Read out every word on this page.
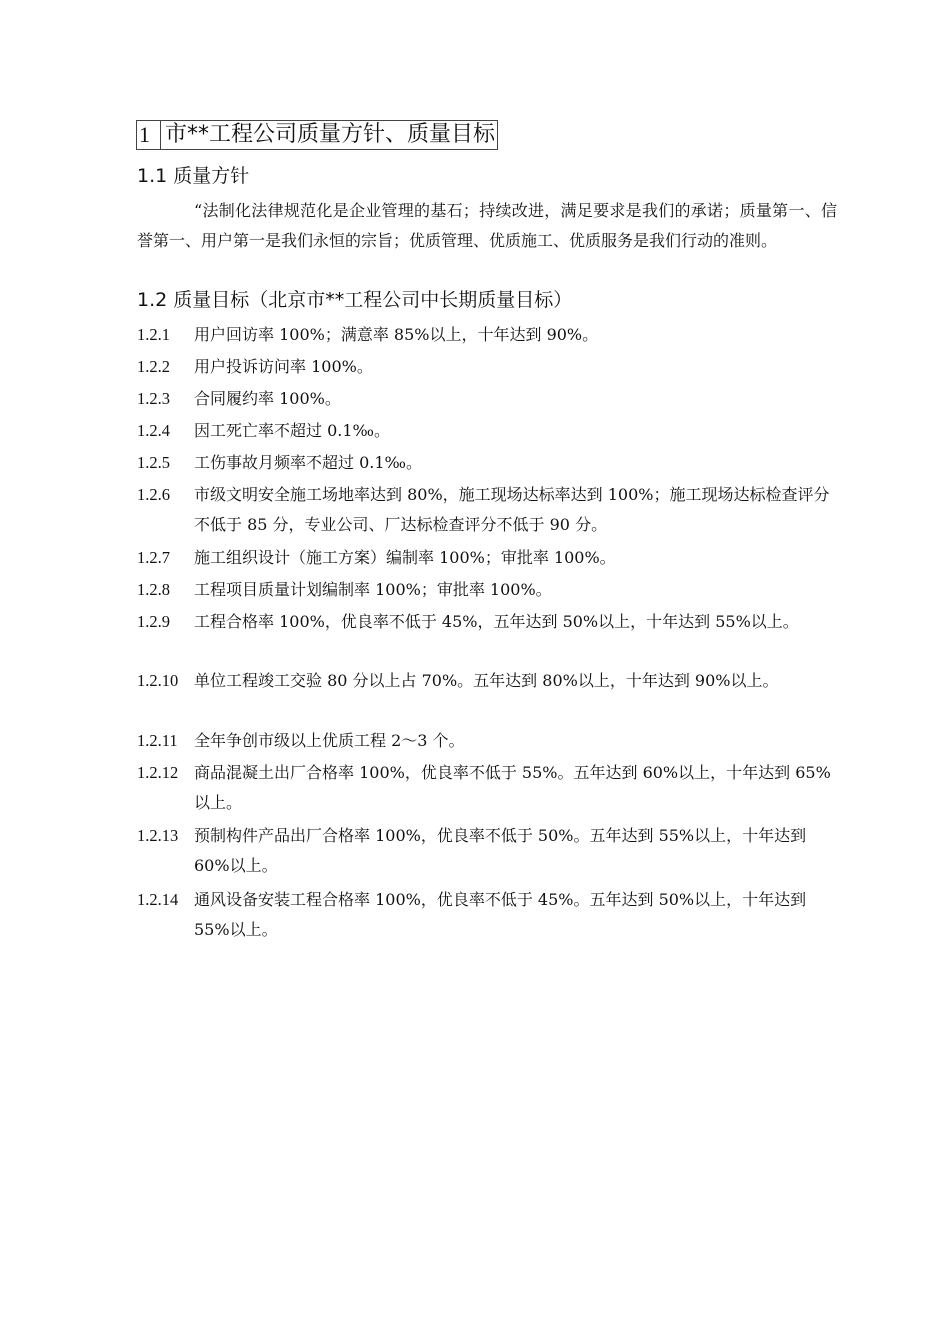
1 市**工程公司质量方针、质量目标
1.1 质量方针
“法制化法律规范化是企业管理的基石；持续改进，满足要求是我们的承诺；质量第一、信誉第一、用户第一是我们永恒的宗旨；优质管理、优质施工、优质服务是我们行动的准则。
1.2 质量目标（北京市**工程公司中长期质量目标）
1.2.1	用户回访率 100%；满意率 85%以上，十年达到 90%。
1.2.2	用户投诉访问率 100%。
1.2.3	合同履约率 100%。
1.2.4	因工死亡率不超过 0.1‰。
1.2.5	工伤事故月频率不超过 0.1‰。
1.2.6	市级文明安全施工场地率达到 80%，施工现场达标率达到 100%；施工现场达标检查评分不低于 85 分，专业公司、厂达标检查评分不低于 90 分。
1.2.7	施工组织设计（施工方案）编制率 100%；审批率 100%。
1.2.8	工程项目质量计划编制率 100%；审批率 100%。
1.2.9	工程合格率 100%，优良率不低于 45%，五年达到 50%以上，十年达到 55%以上。
1.2.10 单位工程竣工交验 80 分以上占 70%。五年达到 80%以上，十年达到 90%以上。
1.2.11	全年争创市级以上优质工程 2～3 个。
1.2.12 商品混凝土出厂合格率 100%，优良率不低于 55%。五年达到 60%以上，十年达到 65%以上。
1.2.13 预制构件产品出厂合格率 100%，优良率不低于 50%。五年达到 55%以上，十年达到 60%以上。
1.2.14 通风设备安装工程合格率 100%，优良率不低于 45%。五年达到 50%以上，十年达到 55%以上。
